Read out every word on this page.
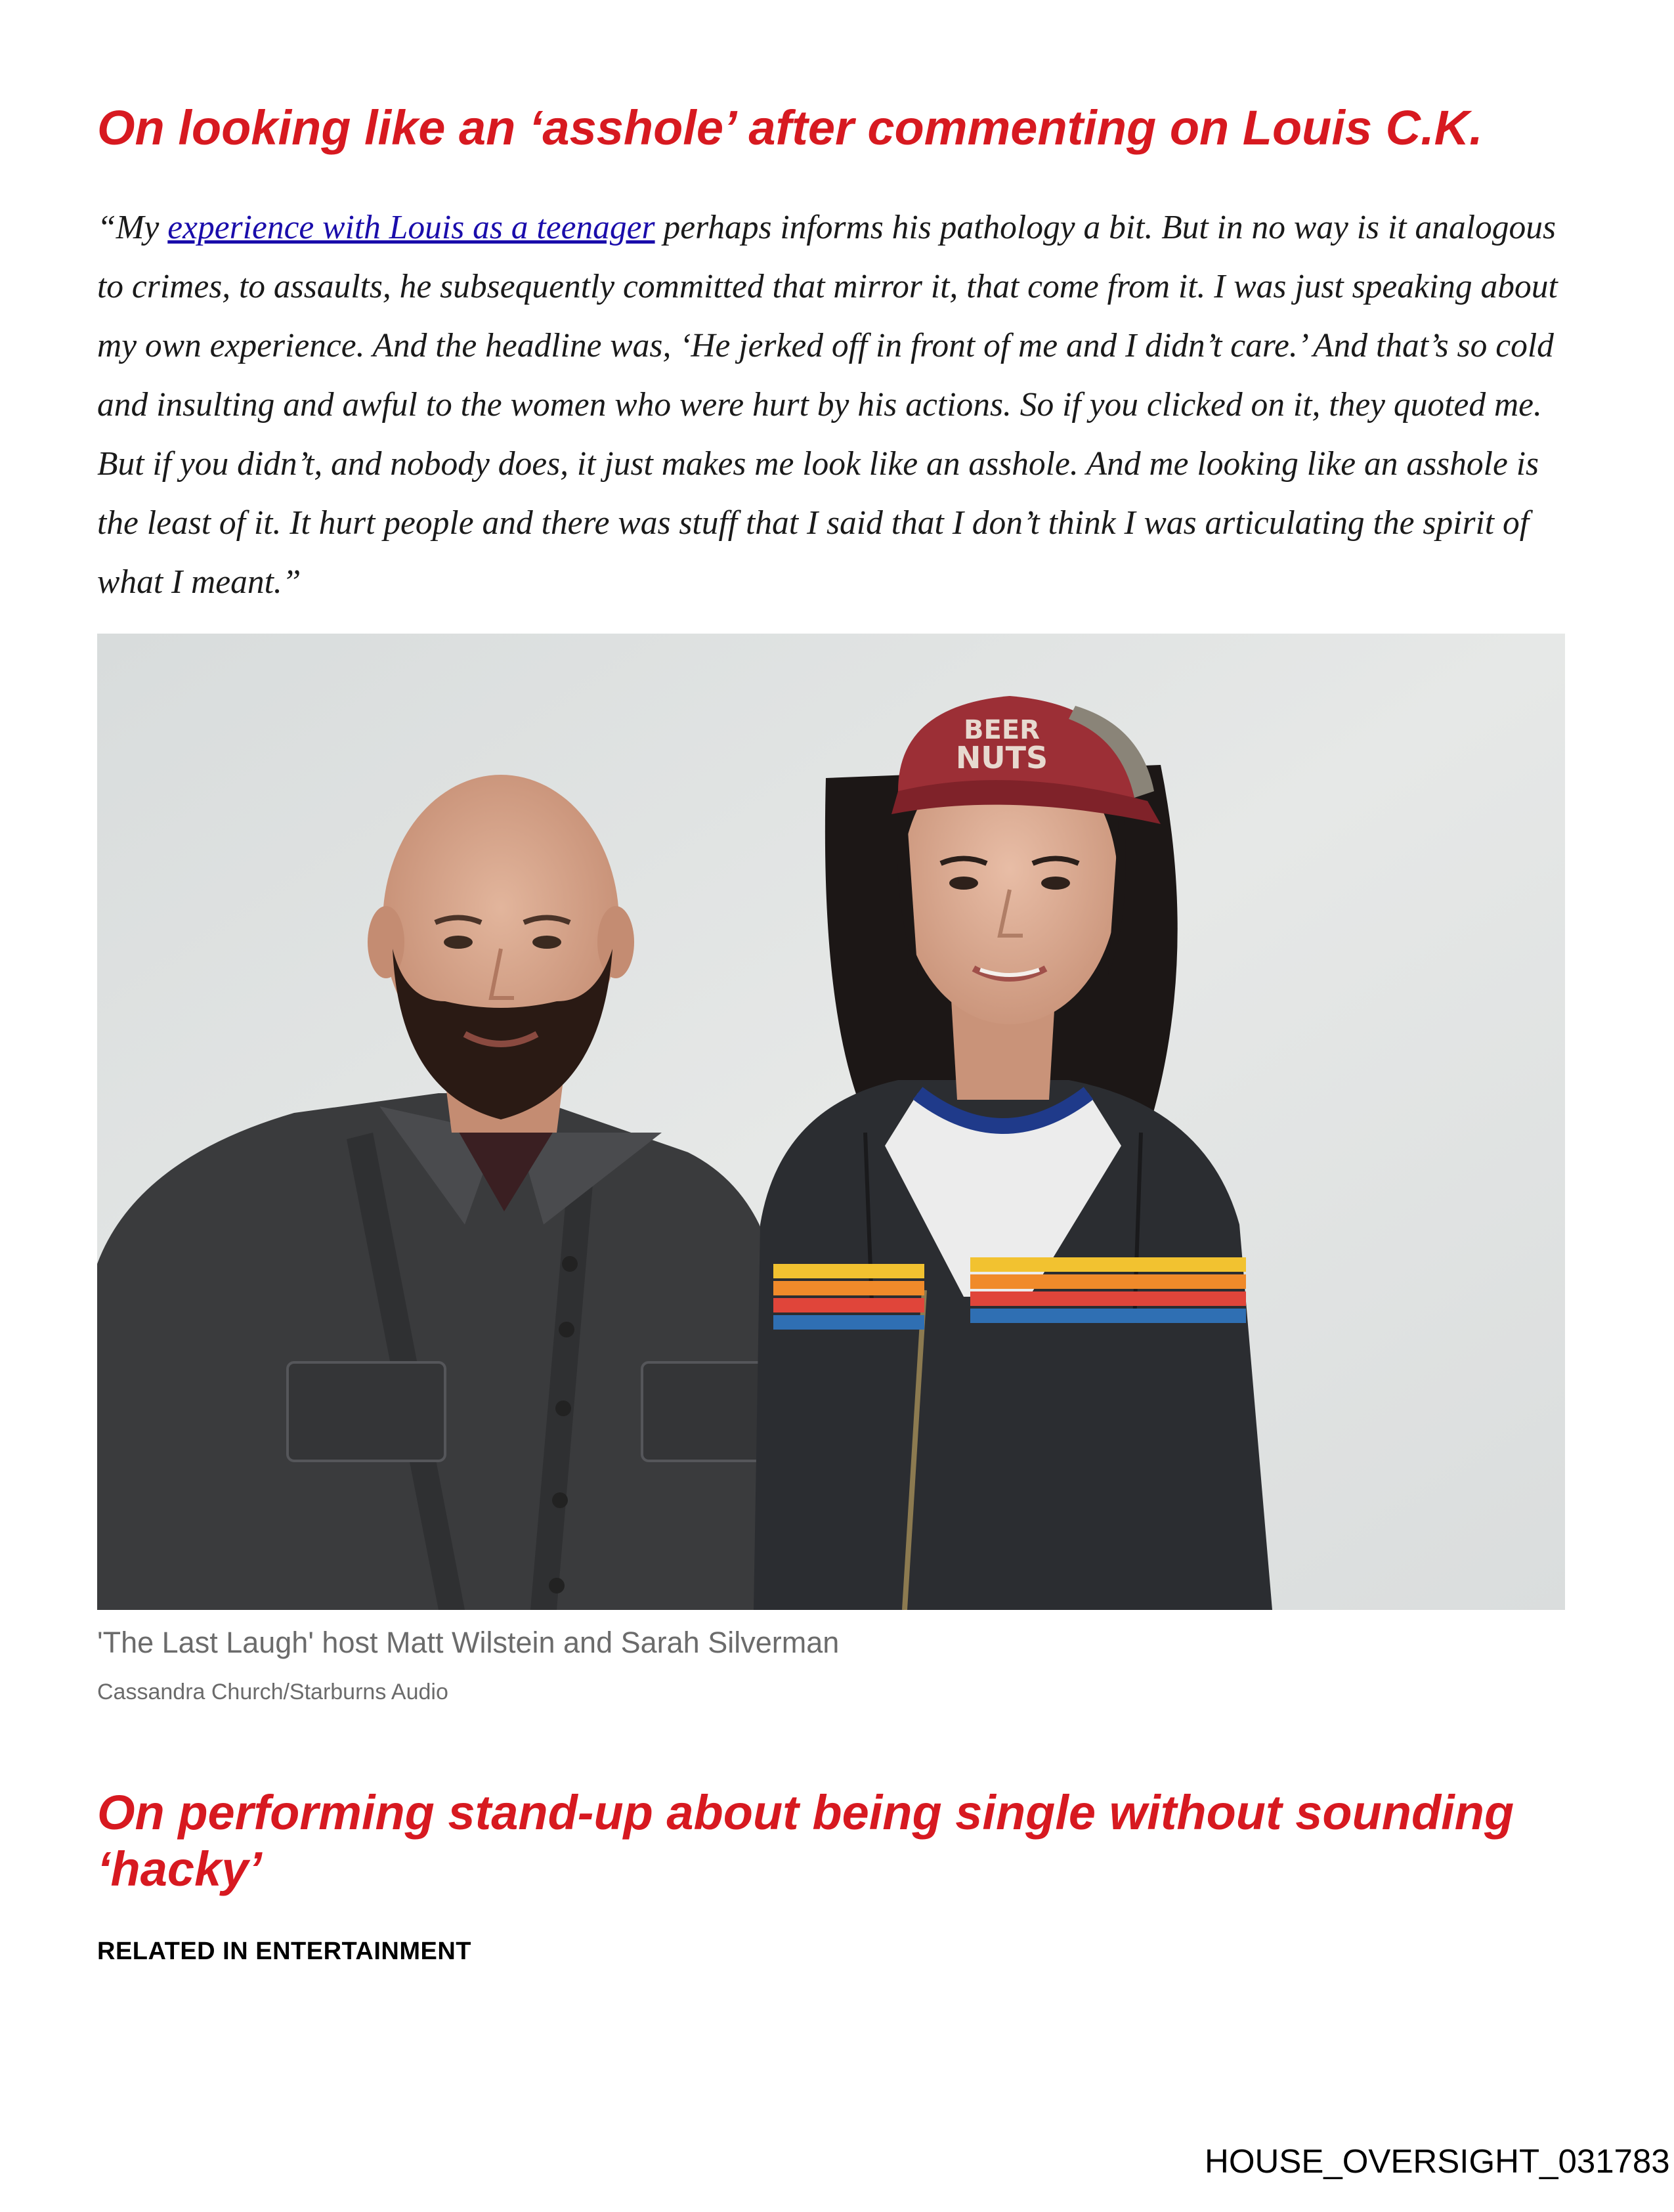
On looking like an ‘asshole’ after commenting on Louis C.K.

“My experience with Louis as a teenager perhaps informs his pathology a bit. But in no way is it analogous to crimes, to assaults, he subsequently committed that mirror it, that come from it. I was just speaking about my own experience. And the headline was, ‘He jerked off in front of me and I didn’t care.’ And that’s so cold and insulting and awful to the women who were hurt by his actions. So if you clicked on it, they quoted me. But if you didn’t, and nobody does, it just makes me look like an asshole. And me looking like an asshole is the least of it. It hurt people and there was stuff that I said that I don’t think I was articulating the spirit of what I meant.”

BEER
NUTS

'The Last Laugh' host Matt Wilstein and Sarah Silverman

Cassandra Church/Starburns Audio

On performing stand-up about being single without sounding ‘hacky’

RELATED IN ENTERTAINMENT

HOUSE_OVERSIGHT_031783
